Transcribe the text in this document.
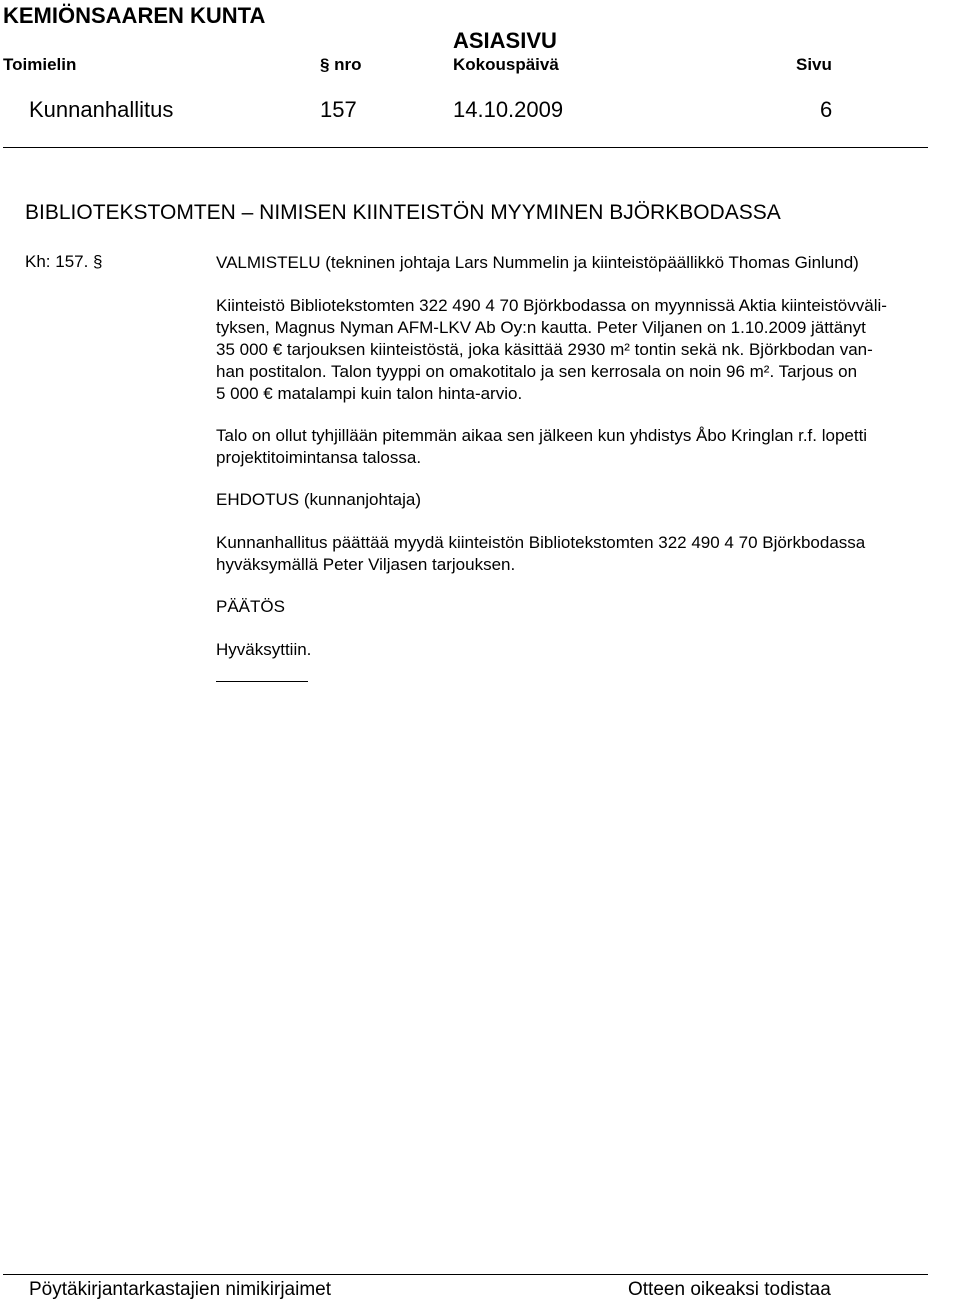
KEMIÖNSAAREN KUNTA
ASIASIVU
Toimielin	§ nro	Kokouspäivä	Sivu
Kunnanhallitus	157	14.10.2009	6
BIBLIOTEKSTOMTEN – NIMISEN KIINTEISTÖN MYYMINEN BJÖRKBODASSA
Kh: 157. §	VALMISTELU (tekninen johtaja Lars Nummelin ja kiinteistöpäällikkö Thomas Ginlund)

Kiinteistö Bibliotekstomten 322 490 4 70 Björkbodassa on myynnissä Aktia kiinteistövväli-

tyksen, Magnus Nyman AFM-LKV Ab Oy:n kautta. Peter Viljanen on 1.10.2009 jättänyt

35 000 € tarjouksen kiinteistöstä, joka käsittää 2930 m² tontin sekä nk. Björkbodan van-

han postitalon. Talon tyyppi on omakotitalo ja sen kerrosala on noin 96 m². Tarjous on

5 000 € matalampi kuin talon hinta-arvio.

Talo on ollut tyhjillään pitemmän aikaa sen jälkeen kun yhdistys Åbo Kringlan r.f. lopetti

projektitoimintansa talossa.

EHDOTUS (kunnanjohtaja)

Kunnanhallitus päättää myydä kiinteistön Bibliotekstomten 322 490 4 70 Björkbodassa

hyväksymällä Peter Viljasen tarjouksen.

PÄÄTÖS

Hyväksyttiin.

Pöytäkirjantarkastajien nimikirjaimet	Otteen oikeaksi todistaa
